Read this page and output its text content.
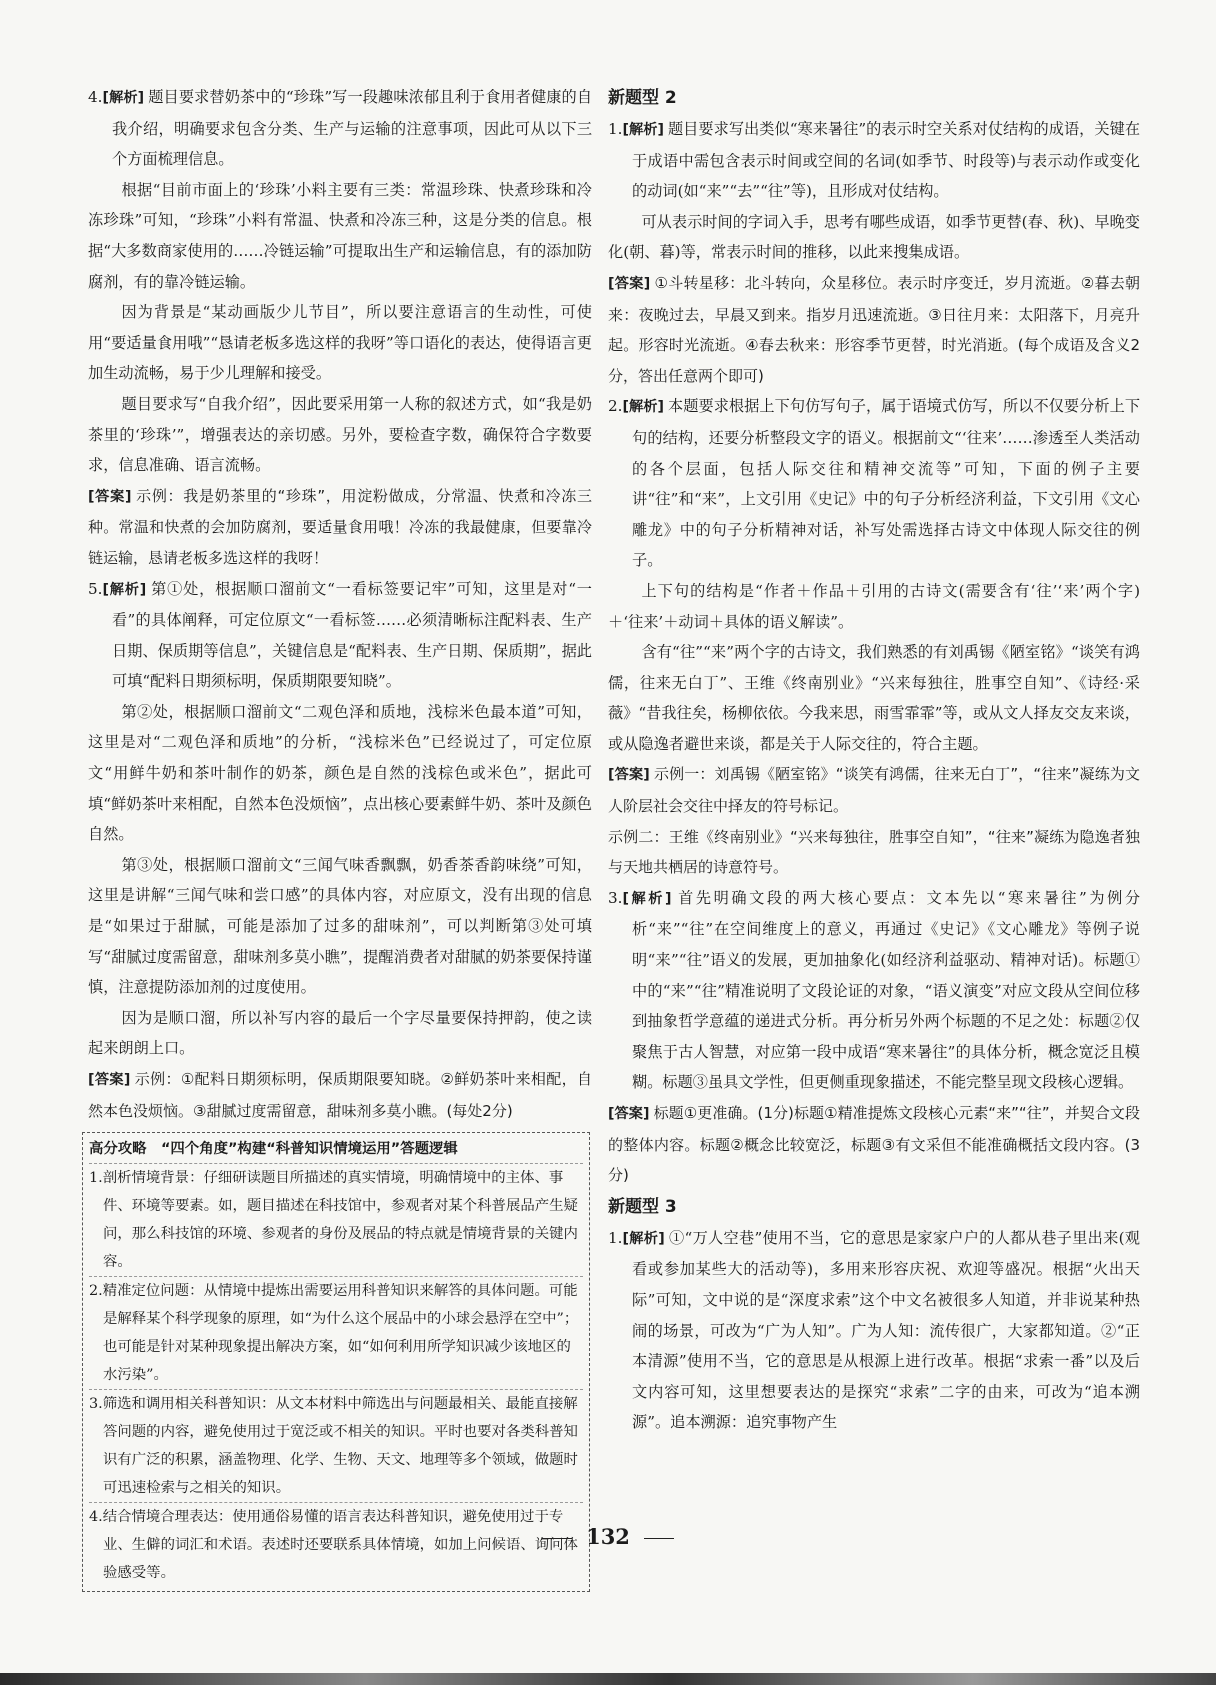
4.[解析] 题目要求替奶茶中的“珍珠”写一段趣味浓郁且利于食用者健康的自我介绍，明确要求包含分类、生产与运输的注意事项，因此可从以下三个方面梳理信息。

根据“目前市面上的‘珍珠’小料主要有三类：常温珍珠、快煮珍珠和冷冻珍珠”可知，“珍珠”小料有常温、快煮和冷冻三种，这是分类的信息。根据“大多数商家使用的……冷链运输”可提取出生产和运输信息，有的添加防腐剂，有的靠冷链运输。

因为背景是“某动画版少儿节目”，所以要注意语言的生动性，可使用“要适量食用哦”“恳请老板多选这样的我呀”等口语化的表达，使得语言更加生动流畅，易于少儿理解和接受。

题目要求写“自我介绍”，因此要采用第一人称的叙述方式，如“我是奶茶里的‘珍珠’”，增强表达的亲切感。另外，要检查字数，确保符合字数要求，信息准确、语言流畅。

[答案] 示例：我是奶茶里的“珍珠”，用淀粉做成，分常温、快煮和冷冻三种。常温和快煮的会加防腐剂，要适量食用哦！冷冻的我最健康，但要靠冷链运输，恳请老板多选这样的我呀！

5.[解析] 第①处，根据顺口溜前文“一看标签要记牢”可知，这里是对“一看”的具体阐释，可定位原文“一看标签……必须清晰标注配料表、生产日期、保质期等信息”，关键信息是“配料表、生产日期、保质期”，据此可填“配料日期须标明，保质期限要知晓”。

第②处，根据顺口溜前文“二观色泽和质地，浅棕米色最本道”可知，这里是对“二观色泽和质地”的分析，“浅棕米色”已经说过了，可定位原文“用鲜牛奶和茶叶制作的奶茶，颜色是自然的浅棕色或米色”，据此可填“鲜奶茶叶来相配，自然本色没烦恼”，点出核心要素鲜牛奶、茶叶及颜色自然。

第③处，根据顺口溜前文“三闻气味香飘飘，奶香茶香韵味绕”可知，这里是讲解“三闻气味和尝口感”的具体内容，对应原文，没有出现的信息是“如果过于甜腻，可能是添加了过多的甜味剂”，可以判断第③处可填写“甜腻过度需留意，甜味剂多莫小瞧”，提醒消费者对甜腻的奶茶要保持谨慎，注意提防添加剂的过度使用。

因为是顺口溜，所以补写内容的最后一个字尽量要保持押韵，使之读起来朗朗上口。

[答案] 示例：①配料日期须标明，保质期限要知晓。②鲜奶茶叶来相配，自然本色没烦恼。③甜腻过度需留意，甜味剂多莫小瞧。(每处2分)

高分攻略　“四个角度”构建“科普知识情境运用”答题逻辑
1.剖析情境背景：仔细研读题目所描述的真实情境，明确情境中的主体、事件、环境等要素。如，题目描述在科技馆中，参观者对某个科普展品产生疑问，那么科技馆的环境、参观者的身份及展品的特点就是情境背景的关键内容。
2.精准定位问题：从情境中提炼出需要运用科普知识来解答的具体问题。可能是解释某个科学现象的原理，如“为什么这个展品中的小球会悬浮在空中”；也可能是针对某种现象提出解决方案，如“如何利用所学知识减少该地区的水污染”。
3.筛选和调用相关科普知识：从文本材料中筛选出与问题最相关、最能直接解答问题的内容，避免使用过于宽泛或不相关的知识。平时也要对各类科普知识有广泛的积累，涵盖物理、化学、生物、天文、地理等多个领域，做题时可迅速检索与之相关的知识。
4.结合情境合理表达：使用通俗易懂的语言表达科普知识，避免使用过于专业、生僻的词汇和术语。表述时还要联系具体情境，如加上问候语、询问体验感受等。
新题型 2

1.[解析] 题目要求写出类似“寒来暑往”的表示时空关系对仗结构的成语，关键在于成语中需包含表示时间或空间的名词(如季节、时段等)与表示动作或变化的动词(如“来”“去”“往”等)，且形成对仗结构。

可从表示时间的字词入手，思考有哪些成语，如季节更替(春、秋)、早晚变化(朝、暮)等，常表示时间的推移，以此来搜集成语。

[答案] ①斗转星移：北斗转向，众星移位。表示时序变迁，岁月流逝。②暮去朝来：夜晚过去，早晨又到来。指岁月迅速流逝。③日往月来：太阳落下，月亮升起。形容时光流逝。④春去秋来：形容季节更替，时光消逝。(每个成语及含义2分，答出任意两个即可)

2.[解析] 本题要求根据上下句仿写句子，属于语境式仿写，所以不仅要分析上下句的结构，还要分析整段文字的语义。根据前文“‘往来’……渗透至人类活动的各个层面，包括人际交往和精神交流等”可知，下面的例子主要讲“往”和“来”，上文引用《史记》中的句子分析经济利益，下文引用《文心雕龙》中的句子分析精神对话，补写处需选择古诗文中体现人际交往的例子。

上下句的结构是“作者＋作品＋引用的古诗文(需要含有‘往’‘来’两个字)＋‘往来’＋动词＋具体的语义解读”。

含有“往”“来”两个字的古诗文，我们熟悉的有刘禹锡《陋室铭》“谈笑有鸿儒，往来无白丁”、王维《终南别业》“兴来每独往，胜事空自知”、《诗经·采薇》“昔我往矣，杨柳依依。今我来思，雨雪霏霏”等，或从文人择友交友来谈，或从隐逸者避世来谈，都是关于人际交往的，符合主题。

[答案] 示例一：刘禹锡《陋室铭》“谈笑有鸿儒，往来无白丁”，“往来”凝练为文人阶层社会交往中择友的符号标记。

示例二：王维《终南别业》“兴来每独往，胜事空自知”，“往来”凝练为隐逸者独与天地共栖居的诗意符号。

3.[解析] 首先明确文段的两大核心要点：文本先以“寒来暑往”为例分析“来”“往”在空间维度上的意义，再通过《史记》《文心雕龙》等例子说明“来”“往”语义的发展，更加抽象化(如经济利益驱动、精神对话)。标题①中的“来”“往”精准说明了文段论证的对象，“语义演变”对应文段从空间位移到抽象哲学意蕴的递进式分析。再分析另外两个标题的不足之处：标题②仅聚焦于古人智慧，对应第一段中成语“寒来暑往”的具体分析，概念宽泛且模糊。标题③虽具文学性，但更侧重现象描述，不能完整呈现文段核心逻辑。

[答案] 标题①更准确。(1分)标题①精准提炼文段核心元素“来”“往”，并契合文段的整体内容。标题②概念比较宽泛，标题③有文采但不能准确概括文段内容。(3分)

新题型 3

1.[解析] ①“万人空巷”使用不当，它的意思是家家户户的人都从巷子里出来(观看或参加某些大的活动等)，多用来形容庆祝、欢迎等盛况。根据“火出天际”可知，文中说的是“深度求索”这个中文名被很多人知道，并非说某种热闹的场景，可改为“广为人知”。广为人知：流传很广，大家都知道。②“正本清源”使用不当，它的意思是从根源上进行改革。根据“求索一番”以及后文内容可知，这里想要表达的是探究“求索”二字的由来，可改为“追本溯源”。追本溯源：追究事物产生

132
